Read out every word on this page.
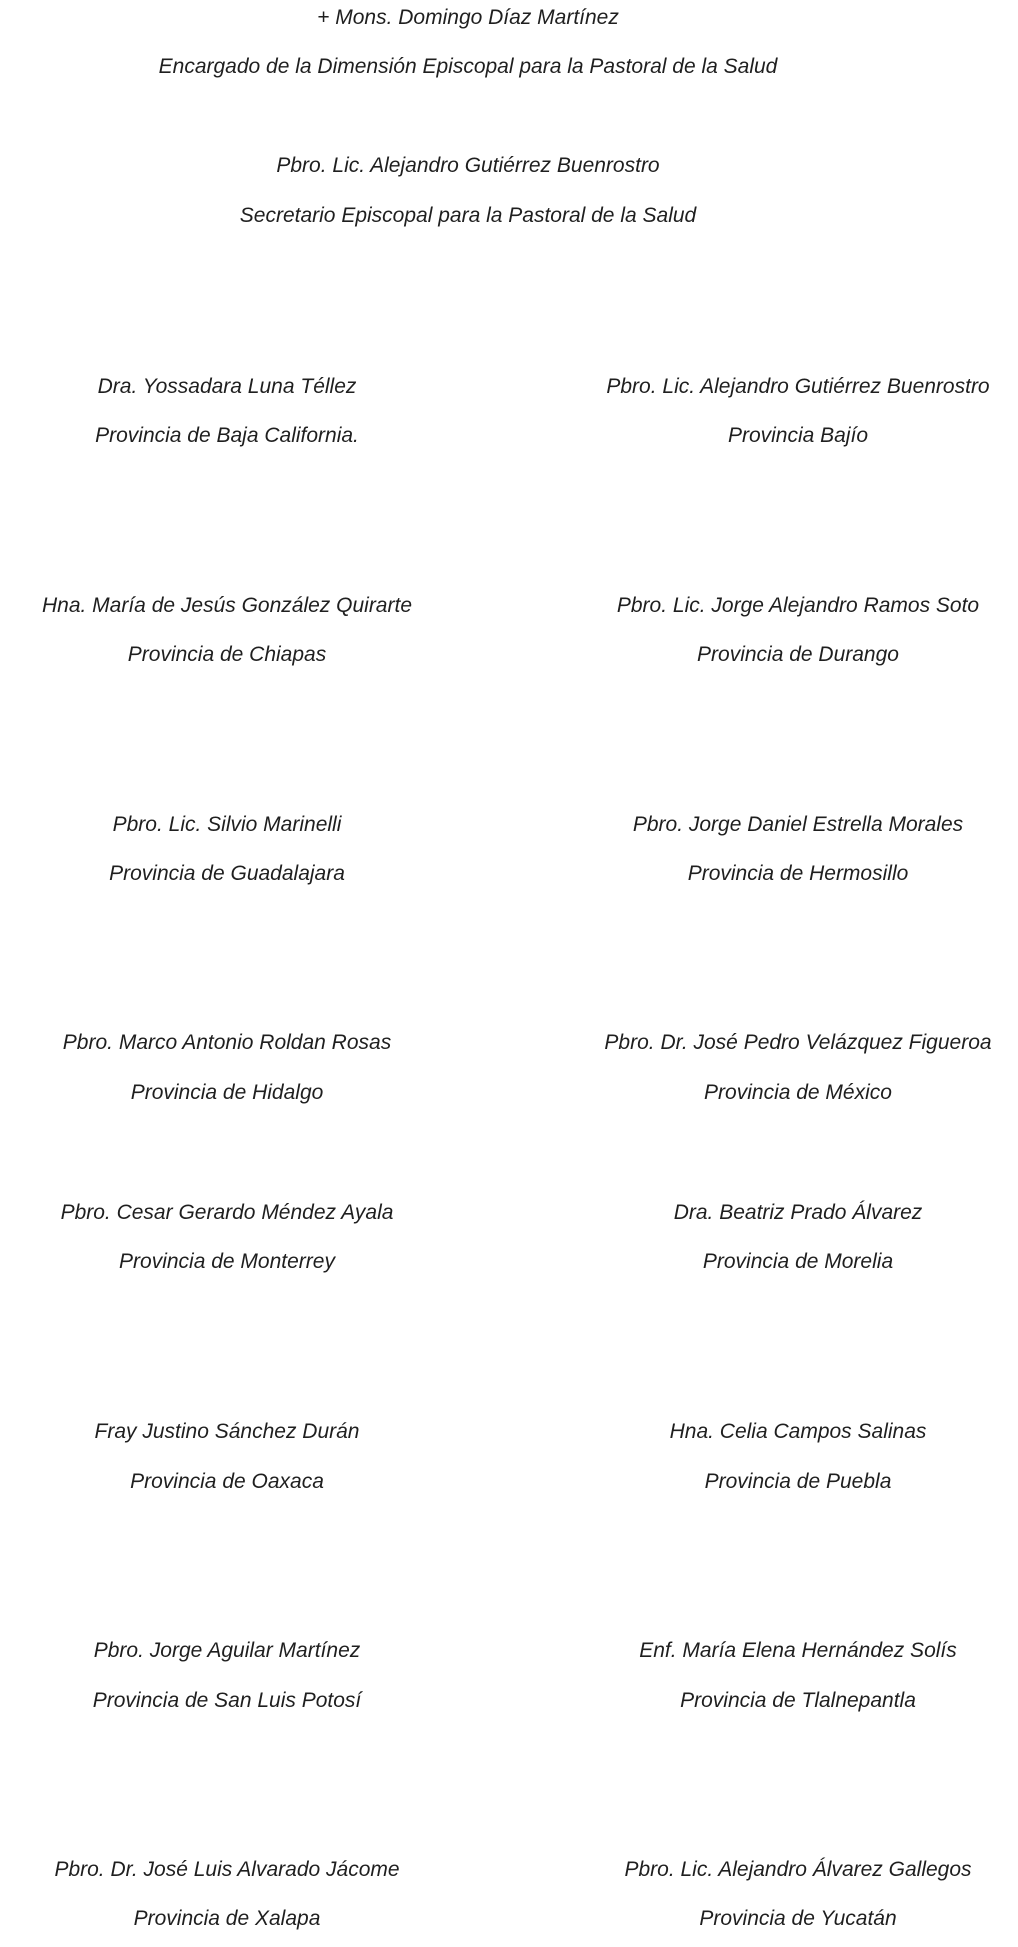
+ Mons. Domingo Díaz Martínez
Encargado de la Dimensión Episcopal para la Pastoral de la Salud
Pbro. Lic. Alejandro Gutiérrez Buenrostro
Secretario Episcopal para la Pastoral de la Salud
Dra. Yossadara Luna Téllez
Provincia de Baja California.
Pbro. Lic. Alejandro Gutiérrez Buenrostro
Provincia Bajío
Hna. María de Jesús González Quirarte
Provincia de Chiapas
Pbro. Lic. Jorge Alejandro Ramos Soto
Provincia de Durango
Pbro. Lic. Silvio Marinelli
Provincia de Guadalajara
Pbro. Jorge Daniel Estrella Morales
Provincia de Hermosillo
Pbro. Marco Antonio Roldan Rosas
Provincia de Hidalgo
Pbro. Dr. José Pedro Velázquez Figueroa
Provincia de México
Pbro. Cesar Gerardo Méndez Ayala
Provincia de Monterrey
Dra. Beatriz Prado Álvarez
Provincia de Morelia
Fray Justino Sánchez Durán
Provincia de Oaxaca
Hna. Celia Campos Salinas
Provincia de Puebla
Pbro. Jorge Aguilar Martínez
Provincia de San Luis Potosí
Enf. María Elena Hernández Solís
Provincia de Tlalnepantla
Pbro. Dr. José Luis Alvarado Jácome
Provincia de Xalapa
Pbro. Lic. Alejandro Álvarez Gallegos
Provincia de Yucatán
